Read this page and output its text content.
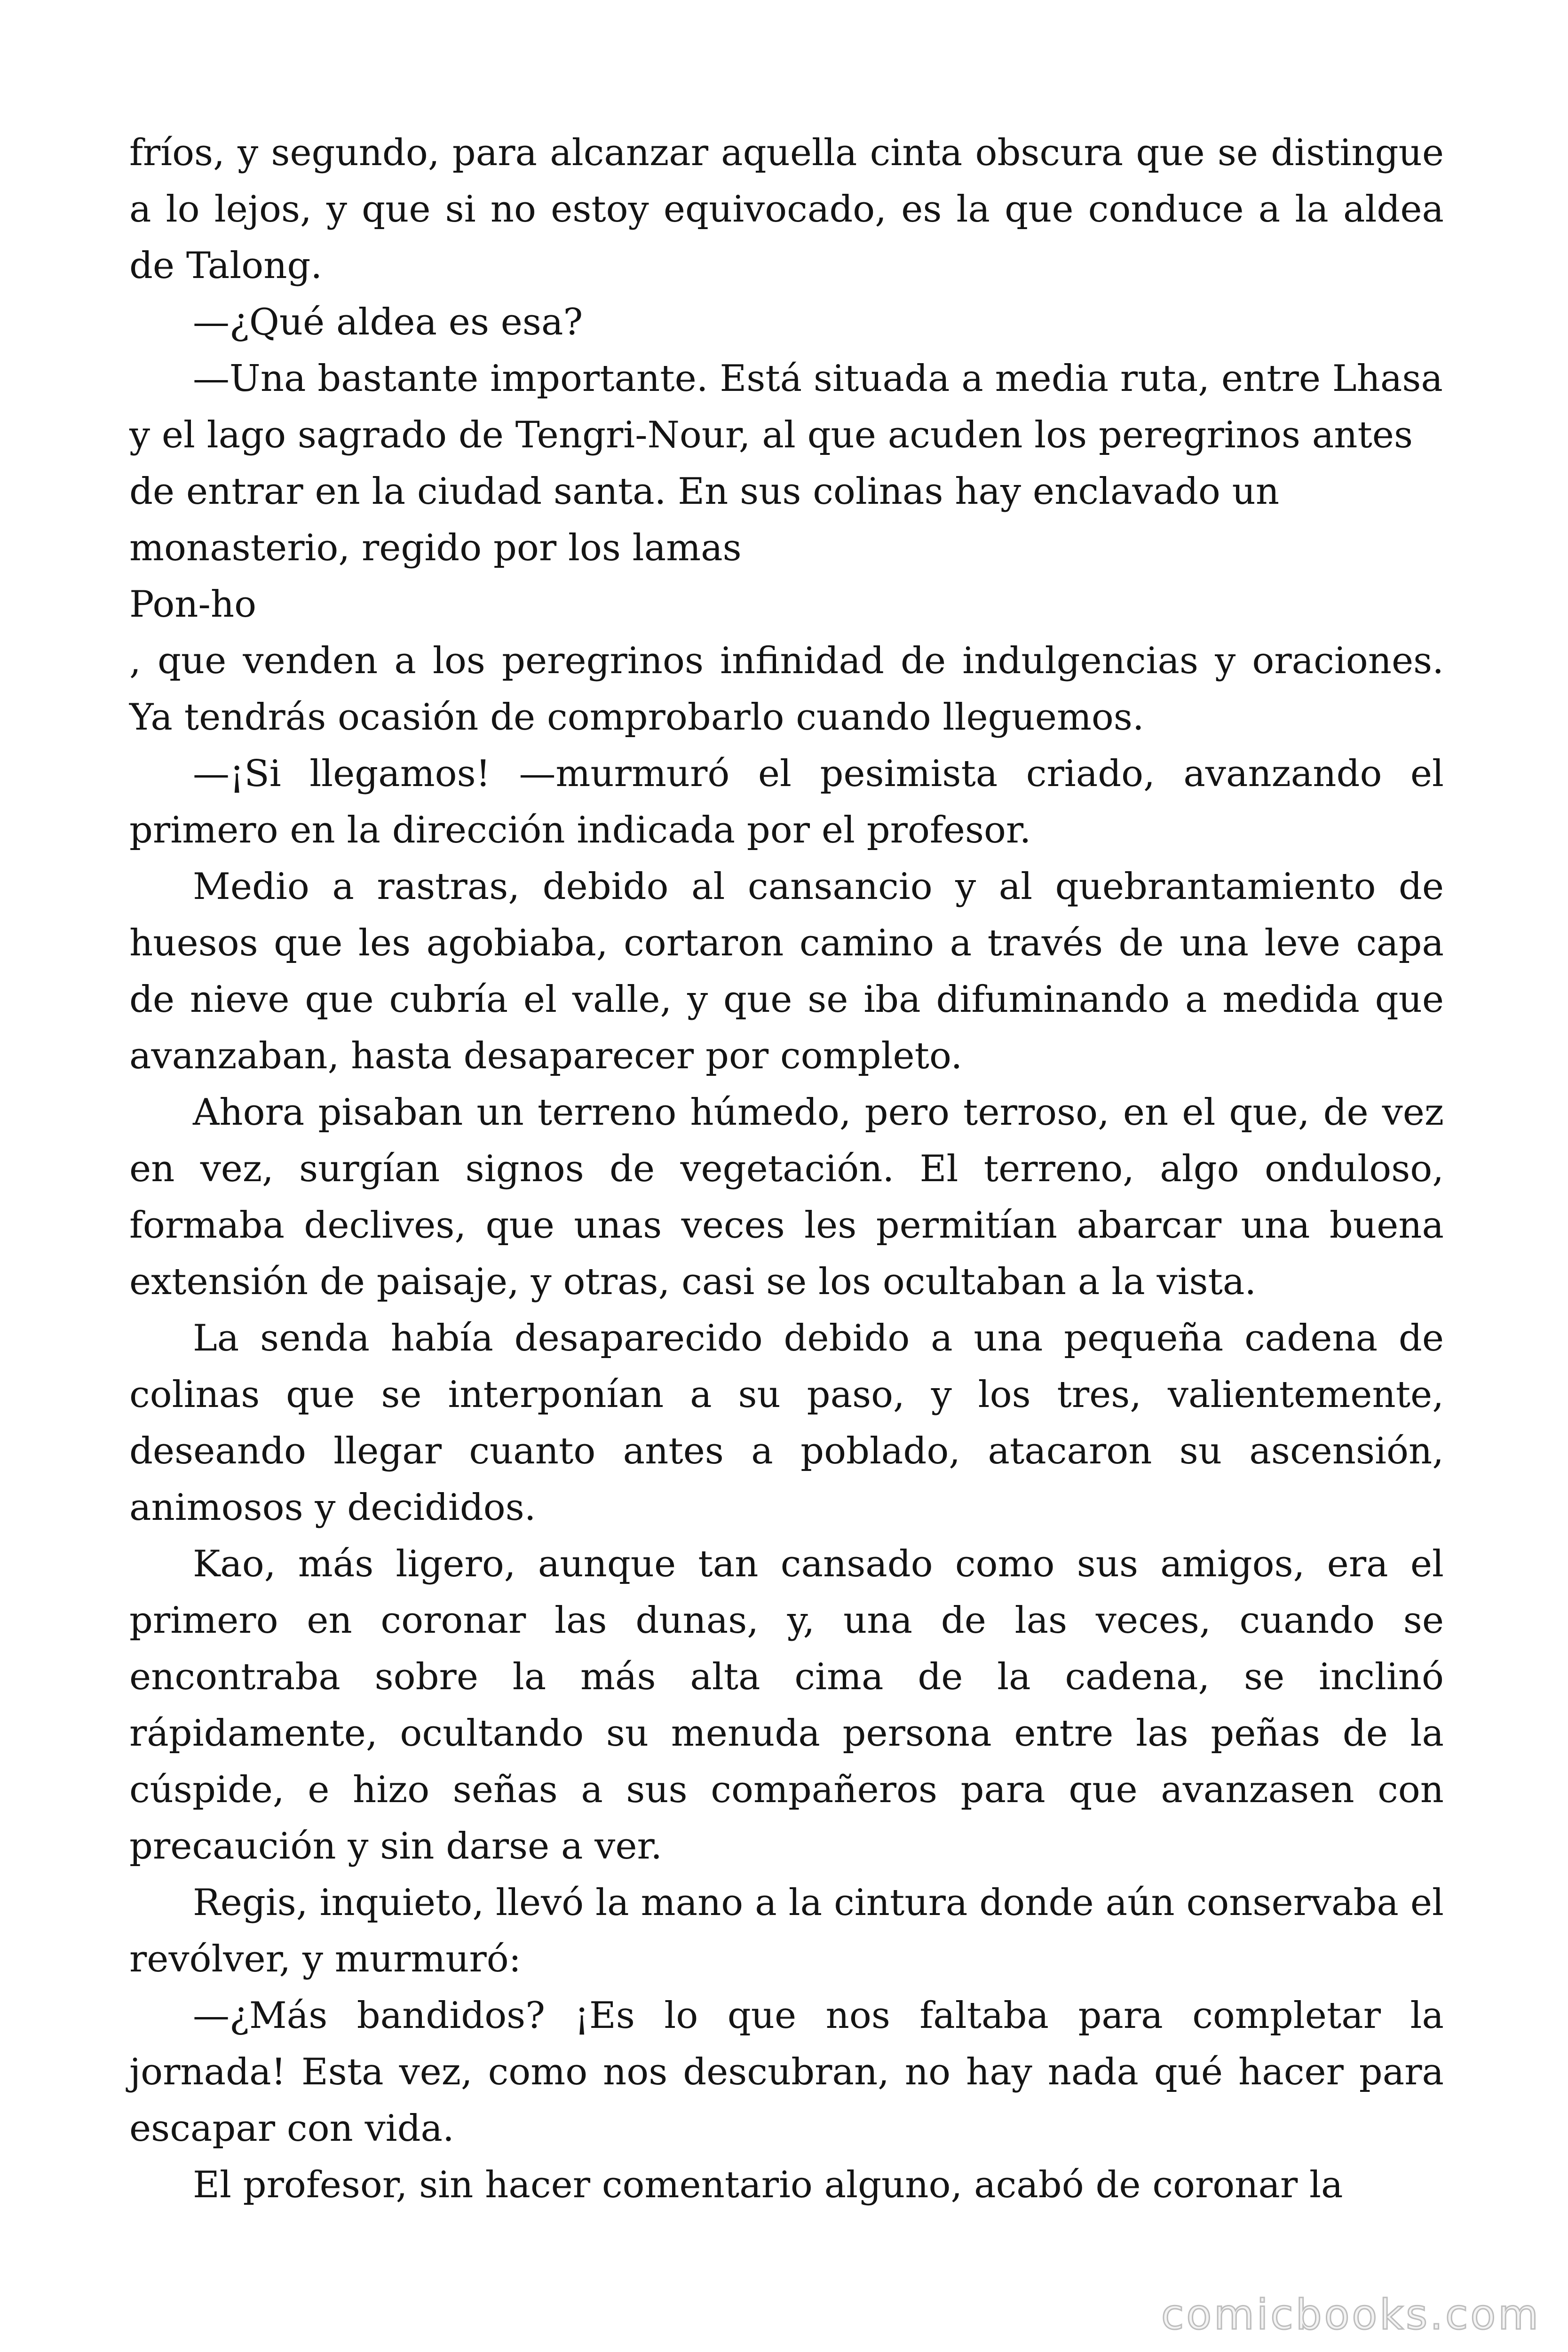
fríos, y segundo, para alcanzar aquella cinta obscura que se distingue a lo lejos, y que si no estoy equivocado, es la que conduce a la aldea de Talong.

—¿Qué aldea es esa?

—Una bastante importante. Está situada a media ruta, entre Lhasa y el lago sagrado de Tengri-Nour, al que acuden los peregrinos antes de entrar en la ciudad santa. En sus colinas hay enclavado un monasterio, regido por los lamas

Pon-ho

, que venden a los peregrinos infinidad de indulgencias y oraciones. Ya tendrás ocasión de comprobarlo cuando lleguemos.

—¡Si llegamos! —murmuró el pesimista criado, avanzando el primero en la dirección indicada por el profesor.

Medio a rastras, debido al cansancio y al quebrantamiento de huesos que les agobiaba, cortaron camino a través de una leve capa de nieve que cubría el valle, y que se iba difuminando a medida que avanzaban, hasta desaparecer por completo.

Ahora pisaban un terreno húmedo, pero terroso, en el que, de vez en vez, surgían signos de vegetación. El terreno, algo onduloso, formaba declives, que unas veces les permitían abarcar una buena extensión de paisaje, y otras, casi se los ocultaban a la vista.

La senda había desaparecido debido a una pequeña cadena de colinas que se interponían a su paso, y los tres, valientemente, deseando llegar cuanto antes a poblado, atacaron su ascensión, animosos y decididos.

Kao, más ligero, aunque tan cansado como sus amigos, era el primero en coronar las dunas, y, una de las veces, cuando se encontraba sobre la más alta cima de la cadena, se inclinó rápidamente, ocultando su menuda persona entre las peñas de la cúspide, e hizo señas a sus compañeros para que avanzasen con precaución y sin darse a ver.

Regis, inquieto, llevó la mano a la cintura donde aún conservaba el revólver, y murmuró:

—¿Más bandidos? ¡Es lo que nos faltaba para completar la jornada! Esta vez, como nos descubran, no hay nada qué hacer para escapar con vida.

El profesor, sin hacer comentario alguno, acabó de coronar la

comicbooks.com
